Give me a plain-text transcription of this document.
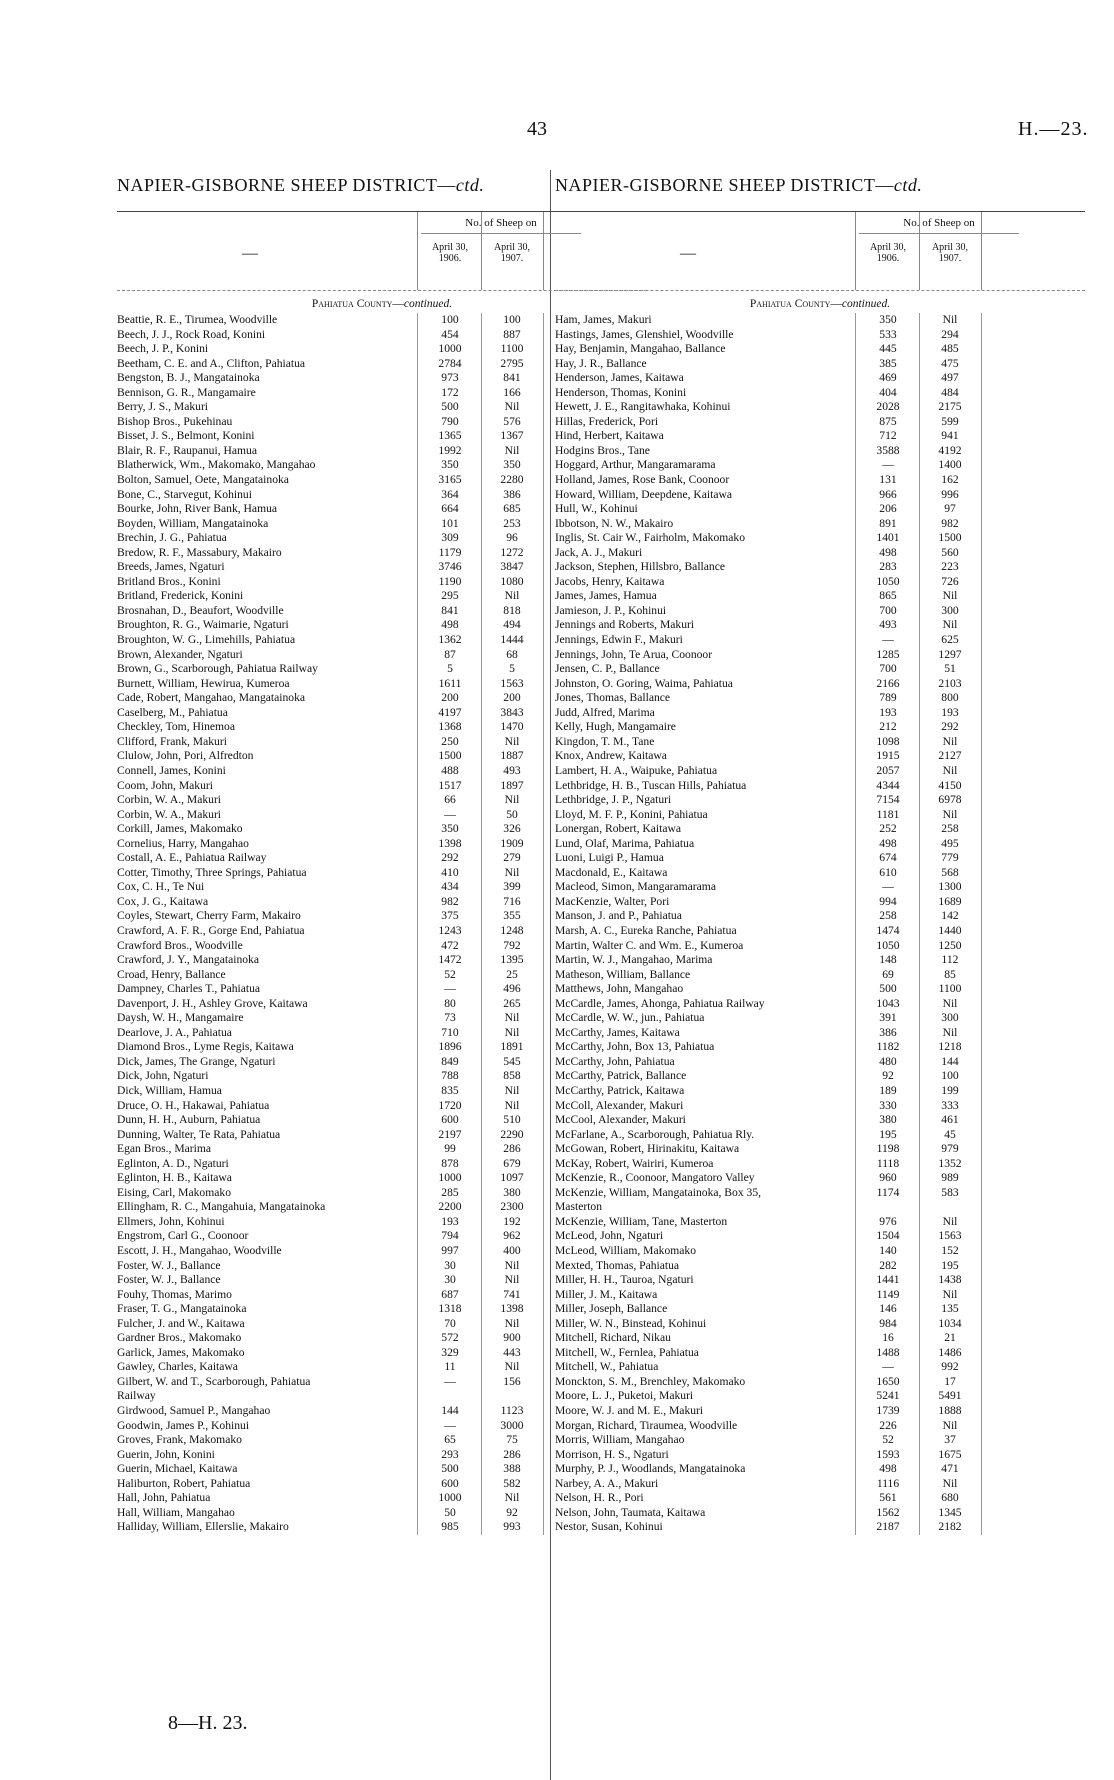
43	H.—23.
NAPIER-GISBORNE SHEEP DISTRICT—ctd.
—
No. of Sheep on
April 30, 1906.
April 30, 1907.
Pahiatua County—continued.
Beattie, R. E., Tirumea, Woodville	100	100
Beech, J. J., Rock Road, Konini	454	887
Beech, J. P., Konini	1000	1100
Beetham, C. E. and A., Clifton, Pahiatua	2784	2795
Bengston, B. J., Mangatainoka	973	841
Bennison, G. R., Mangamaire	172	166
Berry, J. S., Makuri	500	Nil
Bishop Bros., Pukehinau	790	576
Bisset, J. S., Belmont, Konini	1365	1367
Blair, R. F., Raupanui, Hamua	1992	Nil
Blatherwick, Wm., Makomako, Mangahao	350	350
Bolton, Samuel, Oete, Mangatainoka	3165	2280
Bone, C., Starvegut, Kohinui	364	386
Bourke, John, River Bank, Hamua	664	685
Boyden, William, Mangatainoka	101	253
Brechin, J. G., Pahiatua	309	96
Bredow, R. F., Massabury, Makairo	1179	1272
Breeds, James, Ngaturi	3746	3847
Britland Bros., Konini	1190	1080
Britland, Frederick, Konini	295	Nil
Brosnahan, D., Beaufort, Woodville	841	818
Broughton, R. G., Waimarie, Ngaturi	498	494
Broughton, W. G., Limehills, Pahiatua	1362	1444
Brown, Alexander, Ngaturi	87	68
Brown, G., Scarborough, Pahiatua Railway	5	5
Burnett, William, Hewirua, Kumeroa	1611	1563
Cade, Robert, Mangahao, Mangatainoka	200	200
Caselberg, M., Pahiatua	4197	3843
Checkley, Tom, Hinemoa	1368	1470
Clifford, Frank, Makuri	250	Nil
Clulow, John, Pori, Alfredton	1500	1887
Connell, James, Konini	488	493
Coom, John, Makuri	1517	1897
Corbin, W. A., Makuri	66	Nil
Corbin, W. A., Makuri	—	50
Corkill, James, Makomako	350	326
Cornelius, Harry, Mangahao	1398	1909
Costall, A. E., Pahiatua Railway	292	279
Cotter, Timothy, Three Springs, Pahiatua	410	Nil
Cox, C. H., Te Nui	434	399
Cox, J. G., Kaitawa	982	716
Coyles, Stewart, Cherry Farm, Makairo	375	355
Crawford, A. F. R., Gorge End, Pahiatua	1243	1248
Crawford Bros., Woodville	472	792
Crawford, J. Y., Mangatainoka	1472	1395
Croad, Henry, Ballance	52	25
Dampney, Charles T., Pahiatua	—	496
Davenport, J. H., Ashley Grove, Kaitawa	80	265
Daysh, W. H., Mangamaire	73	Nil
Dearlove, J. A., Pahiatua	710	Nil
Diamond Bros., Lyme Regis, Kaitawa	1896	1891
Dick, James, The Grange, Ngaturi	849	545
Dick, John, Ngaturi	788	858
Dick, William, Hamua	835	Nil
Druce, O. H., Hakawai, Pahiatua	1720	Nil
Dunn, H. H., Auburn, Pahiatua	600	510
Dunning, Walter, Te Rata, Pahiatua	2197	2290
Egan Bros., Marima	99	286
Eglinton, A. D., Ngaturi	878	679
Eglinton, H. B., Kaitawa	1000	1097
Eising, Carl, Makomako	285	380
Ellingham, R. C., Mangahuia, Mangatainoka	2200	2300
Ellmers, John, Kohinui	193	192
Engstrom, Carl G., Coonoor	794	962
Escott, J. H., Mangahao, Woodville	997	400
Foster, W. J., Ballance	30	Nil
Foster, W. J., Ballance	30	Nil
Fouhy, Thomas, Marimo	687	741
Fraser, T. G., Mangatainoka	1318	1398
Fulcher, J. and W., Kaitawa	70	Nil
Gardner Bros., Makomako	572	900
Garlick, James, Makomako	329	443
Gawley, Charles, Kaitawa	11	Nil
Gilbert, W. and T., Scarborough, Pahiatua	—	156
Railway
Girdwood, Samuel P., Mangahao	144	1123
Goodwin, James P., Kohinui	—	3000
Groves, Frank, Makomako	65	75
Guerin, John, Konini	293	286
Guerin, Michael, Kaitawa	500	388
Haliburton, Robert, Pahiatua	600	582
Hall, John, Pahiatua	1000	Nil
Hall, William, Mangahao	50	92
Halliday, William, Ellerslie, Makairo	985	993
NAPIER-GISBORNE SHEEP DISTRICT—ctd.
—
No. of Sheep on
April 30, 1906.
April 30, 1907.
Pahiatua County—continued.
Ham, James, Makuri	350	Nil
Hastings, James, Glenshiel, Woodville	533	294
Hay, Benjamin, Mangahao, Ballance	445	485
Hay, J. R., Ballance	385	475
Henderson, James, Kaitawa	469	497
Henderson, Thomas, Konini	404	484
Hewett, J. E., Rangitawhaka, Kohinui	2028	2175
Hillas, Frederick, Pori	875	599
Hind, Herbert, Kaitawa	712	941
Hodgins Bros., Tane	3588	4192
Hoggard, Arthur, Mangaramarama	—	1400
Holland, James, Rose Bank, Coonoor	131	162
Howard, William, Deepdene, Kaitawa	966	996
Hull, W., Kohinui	206	97
Ibbotson, N. W., Makairo	891	982
Inglis, St. Cair W., Fairholm, Makomako	1401	1500
Jack, A. J., Makuri	498	560
Jackson, Stephen, Hillsbro, Ballance	283	223
Jacobs, Henry, Kaitawa	1050	726
James, James, Hamua	865	Nil
Jamieson, J. P., Kohinui	700	300
Jennings and Roberts, Makuri	493	Nil
Jennings, Edwin F., Makuri	—	625
Jennings, John, Te Arua, Coonoor	1285	1297
Jensen, C. P., Ballance	700	51
Johnston, O. Goring, Waima, Pahiatua	2166	2103
Jones, Thomas, Ballance	789	800
Judd, Alfred, Marima	193	193
Kelly, Hugh, Mangamaire	212	292
Kingdon, T. M., Tane	1098	Nil
Knox, Andrew, Kaitawa	1915	2127
Lambert, H. A., Waipuke, Pahiatua	2057	Nil
Lethbridge, H. B., Tuscan Hills, Pahiatua	4344	4150
Lethbridge, J. P., Ngaturi	7154	6978
Lloyd, M. F. P., Konini, Pahiatua	1181	Nil
Lonergan, Robert, Kaitawa	252	258
Lund, Olaf, Marima, Pahiatua	498	495
Luoni, Luigi P., Hamua	674	779
Macdonald, E., Kaitawa	610	568
Macleod, Simon, Mangaramarama	—	1300
MacKenzie, Walter, Pori	994	1689
Manson, J. and P., Pahiatua	258	142
Marsh, A. C., Eureka Ranche, Pahiatua	1474	1440
Martin, Walter C. and Wm. E., Kumeroa	1050	1250
Martin, W. J., Mangahao, Marima	148	112
Matheson, William, Ballance	69	85
Matthews, John, Mangahao	500	1100
McCardle, James, Ahonga, Pahiatua Railway	1043	Nil
McCardle, W. W., jun., Pahiatua	391	300
McCarthy, James, Kaitawa	386	Nil
McCarthy, John, Box 13, Pahiatua	1182	1218
McCarthy, John, Pahiatua	480	144
McCarthy, Patrick, Ballance	92	100
McCarthy, Patrick, Kaitawa	189	199
McColl, Alexander, Makuri	330	333
McCool, Alexander, Makuri	380	461
McFarlane, A., Scarborough, Pahiatua Rly.	195	45
McGowan, Robert, Hirinakitu, Kaitawa	1198	979
McKay, Robert, Wairiri, Kumeroa	1118	1352
McKenzie, R., Coonoor, Mangatoro Valley	960	989
McKenzie, William, Mangatainoka, Box 35,	1174	583
Masterton
McKenzie, William, Tane, Masterton	976	Nil
McLeod, John, Ngaturi	1504	1563
McLeod, William, Makomako	140	152
Mexted, Thomas, Pahiatua	282	195
Miller, H. H., Tauroa, Ngaturi	1441	1438
Miller, J. M., Kaitawa	1149	Nil
Miller, Joseph, Ballance	146	135
Miller, W. N., Binstead, Kohinui	984	1034
Mitchell, Richard, Nikau	16	21
Mitchell, W., Fernlea, Pahiatua	1488	1486
Mitchell, W., Pahiatua	—	992
Monckton, S. M., Brenchley, Makomako	1650	17
Moore, L. J., Puketoi, Makuri	5241	5491
Moore, W. J. and M. E., Makuri	1739	1888
Morgan, Richard, Tiraumea, Woodville	226	Nil
Morris, William, Mangahao	52	37
Morrison, H. S., Ngaturi	1593	1675
Murphy, P. J., Woodlands, Mangatainoka	498	471
Narbey, A. A., Makuri	1116	Nil
Nelson, H. R., Pori	561	680
Nelson, John, Taumata, Kaitawa	1562	1345
Nestor, Susan, Kohinui	2187	2182
8—H. 23.
